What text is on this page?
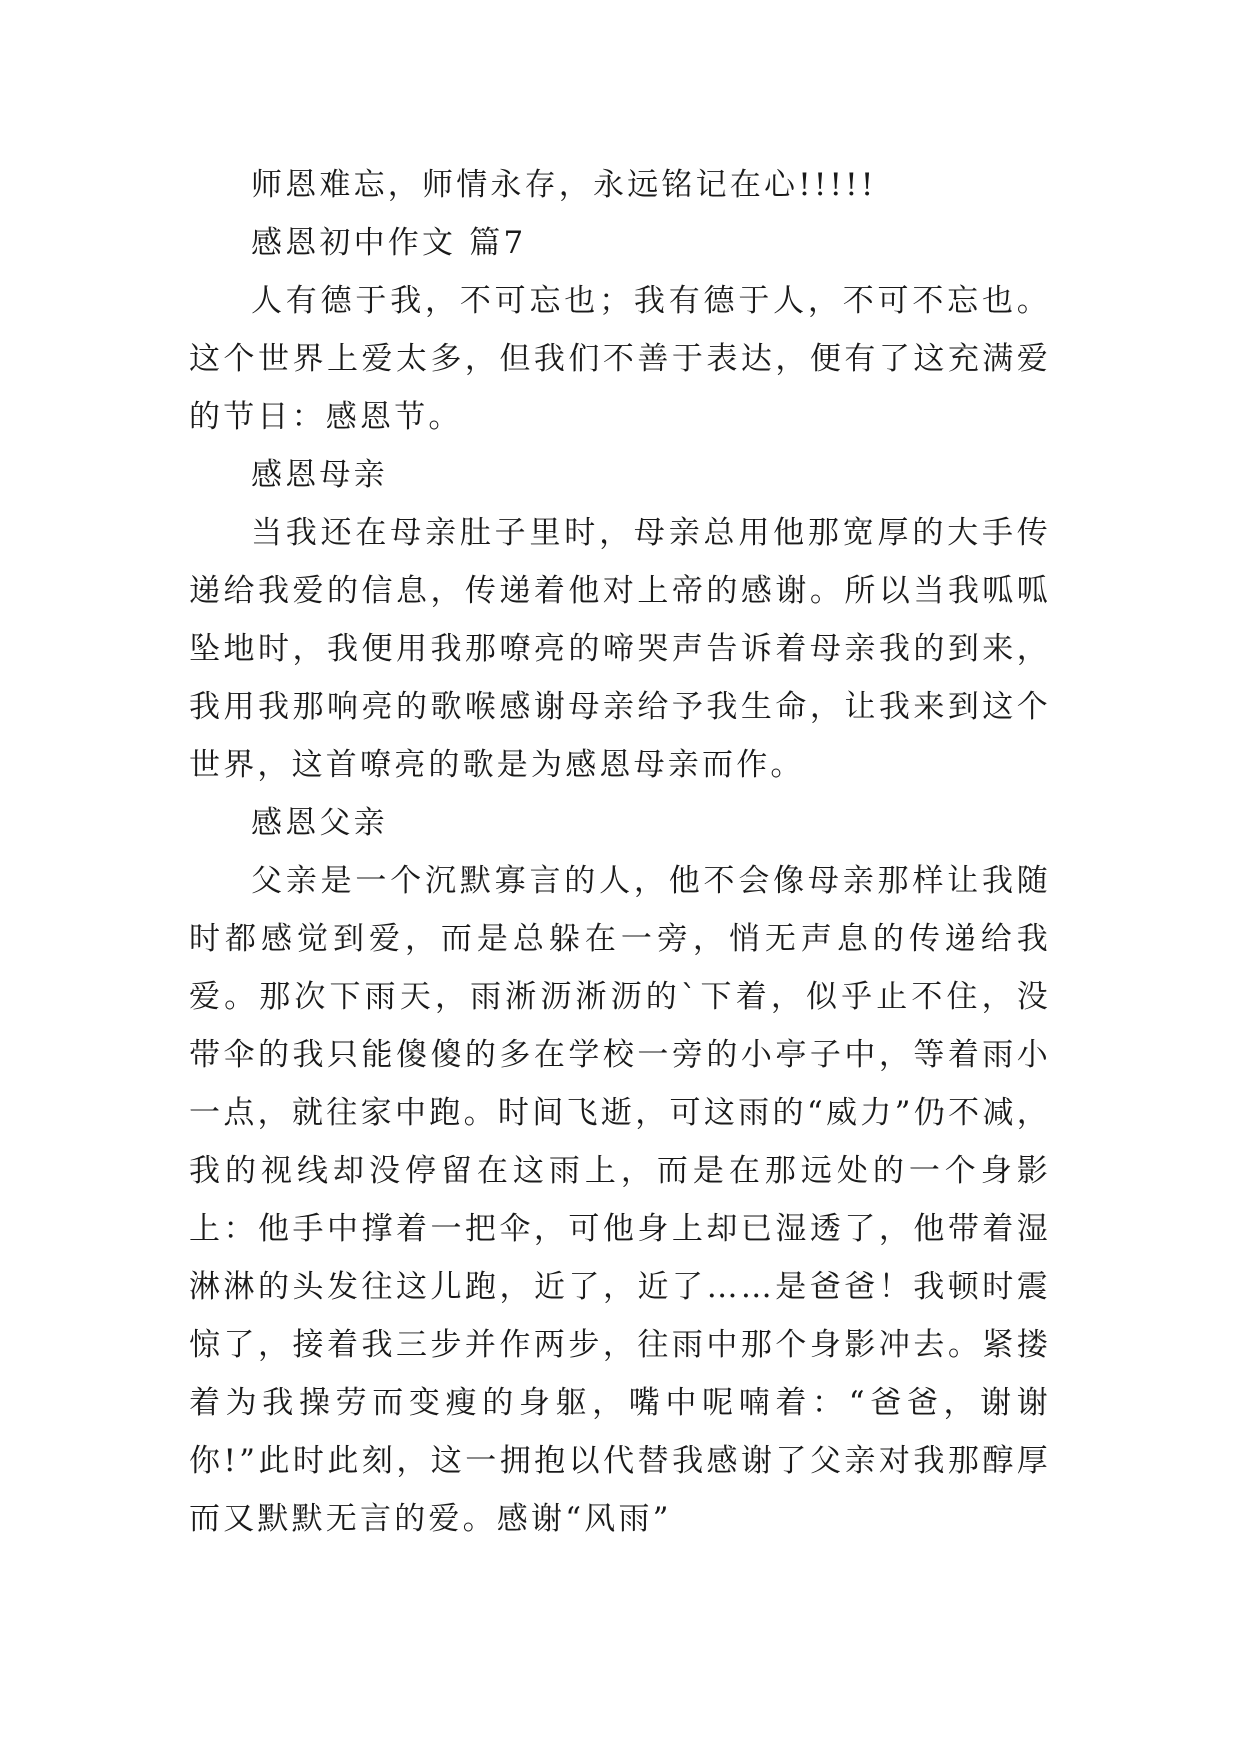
师恩难忘，师情永存，永远铭记在心!!!!!

感恩初中作文 篇7

人有德于我，不可忘也；我有德于人，不可不忘也。这个世界上爱太多，但我们不善于表达，便有了这充满爱的节日：感恩节。

感恩母亲

当我还在母亲肚子里时，母亲总用他那宽厚的大手传递给我爱的信息，传递着他对上帝的感谢。所以当我呱呱坠地时，我便用我那嘹亮的啼哭声告诉着母亲我的到来，我用我那响亮的歌喉感谢母亲给予我生命，让我来到这个世界，这首嘹亮的歌是为感恩母亲而作。

感恩父亲

父亲是一个沉默寡言的人，他不会像母亲那样让我随时都感觉到爱，而是总躲在一旁，悄无声息的传递给我爱。那次下雨天，雨淅沥淅沥的`下着，似乎止不住，没带伞的我只能傻傻的多在学校一旁的小亭子中，等着雨小一点，就往家中跑。时间飞逝，可这雨的“威力”仍不减，我的视线却没停留在这雨上，而是在那远处的一个身影上：他手中撑着一把伞，可他身上却已湿透了，他带着湿淋淋的头发往这儿跑，近了，近了……是爸爸！我顿时震惊了，接着我三步并作两步，往雨中那个身影冲去。紧搂着为我操劳而变瘦的身躯，嘴中呢喃着：“爸爸，谢谢你!”此时此刻，这一拥抱以代替我感谢了父亲对我那醇厚而又默默无言的爱。感谢“风雨”
